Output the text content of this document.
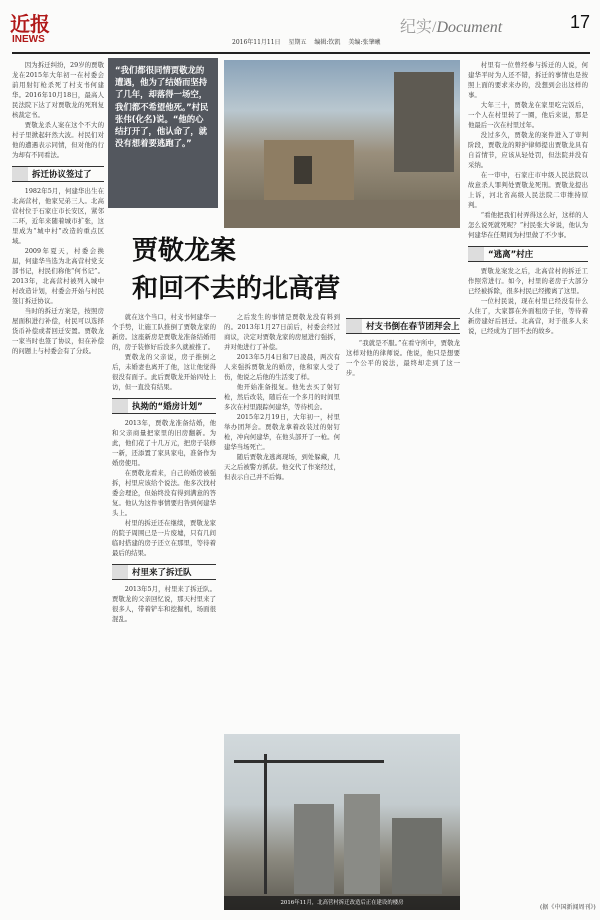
近报
INEWS	2016年11月11日 星期五 编辑:钦凯 美编:张肇曦
纪实/Document	17

因为拆迁纠纷，29岁的贾敬龙在2015年大年初一在村委会前用射钉枪杀死了村支书何建华。2016年10月18日，最高人民法院下达了对贾敬龙的死刑复核裁定书。

贾敬龙杀人案在这个不大的村子里掀起轩然大波。村民们对他的遭遇表示同情，但对他的行为却有不同看法。

拆迁协议签过了

1982年5月，何建华出生在北高营村，他家兄弟三人。北高营村位于石家庄市长安区，紧邻二环，近年来随着城市扩张，这里成为“城中村”改造的重点区域。

2009年夏天，村委会换届，何建华当选为北高营村党支部书记，村民们称他“何书记”。2013年，北高营村被列入城中村改造计划，村委会开始与村民签订拆迁协议。

当时的拆迁方案是，按照房屋面积进行补偿，村民可以选择货币补偿或者回迁安置。贾敬龙一家当时也签了协议，但在补偿的问题上与村委会有了分歧。

“我们都很同情贾敬龙的遭遇，他为了结婚而坚持了几年，却落得一场空，我们都不希望他死。”村民张伟(化名)说。“他的心结打开了，他认命了，就没有想着要逃跑了。”
贾敬龙案
和回不去的北高营

就在这个当口，村支书何建华一个手势，让施工队推倒了贾敬龙家的新房。这座新房是贾敬龙准备结婚用的，房子装修好后没多久就被推了。

贾敬龙的父亲说，房子推倒之后，未婚妻也离开了他，这让他觉得很没有面子。此后贾敬龙开始四处上访，但一直没有结果。

执拗的“婚房计划”

2013年，贾敬龙准备结婚，他和父亲商量把家里的旧房翻新。为此，他们花了十几万元，把房子装修一新，还添置了家具家电，准备作为婚房使用。

在贾敬龙看来，自己的婚房被强拆，村里应该给个说法。他多次找村委会理论，但始终没有得到满意的答复。他认为这件事情要归咎到何建华头上。

村里的拆迁还在继续，贾敬龙家的院子周围已是一片废墟，只有几间临时搭建的房子还立在那里，等待着最后的结果。

村里来了拆迁队

2013年5月，村里来了拆迁队。贾敬龙的父亲回忆说，那天村里来了很多人，带着铲车和挖掘机，场面很混乱。

之后发生的事情是贾敬龙没有料到的。2013年1月27日前后，村委会经过商议，决定对贾敬龙家的房屋进行强拆，并对他进行了补偿。

2013年5月4日和7日凌晨，两次有人来强拆贾敬龙的婚房，他和家人受了伤，他说之后他的生活变了样。

他开始准备报复。他先去买了射钉枪，然后改装，随后在一个多月的时间里多次在村里跟踪何建华，等待机会。

2015年2月19日，大年初一，村里举办团拜会。贾敬龙拿着改装过的射钉枪，冲向何建华，在他头部开了一枪。何建华当场死亡。

随后贾敬龙逃离现场，到处躲藏，几天之后被警方抓获。他交代了作案经过，但表示自己并不后悔。

村支书倒在春节团拜会上

“我就是不服。”在看守所中，贾敬龙这样对他的律师说。他说，他只是想要一个公平的说法，最终却走到了这一步。

2016年11月，北高营村拆迁改造后正在建设的楼房

村里有一位曾经参与拆迁的人说，何建华平时为人还不错，拆迁的事情也是按照上面的要求来办的，没想到会出这样的事。

大年三十，贾敬龙在家里吃完饭后，一个人在村里转了一圈，他后来说，那是他最后一次在村里过年。

没过多久，贾敬龙的案件进入了审判阶段，贾敬龙的辩护律师提出贾敬龙具有自首情节，应该从轻处罚，但法院并没有采纳。

在一审中，石家庄市中级人民法院以故意杀人罪判处贾敬龙死刑。贾敬龙提出上诉，河北省高级人民法院二审维持原判。

“看他把我们村弄得这么好，这样的人怎么说死就死呢？”村民张大爷说，他认为何建华在任期间为村里做了不少事。

“逃离”村庄

贾敬龙案发之后，北高营村的拆迁工作照常进行。如今，村里的老房子大部分已经被拆除，很多村民已经搬离了这里。

一位村民说，现在村里已经没有什么人住了，大家都在外面租房子住，等待着新房建好后回迁。北高营，对于很多人来说，已经成为了回不去的故乡。

(据《中国新闻周刊》)
